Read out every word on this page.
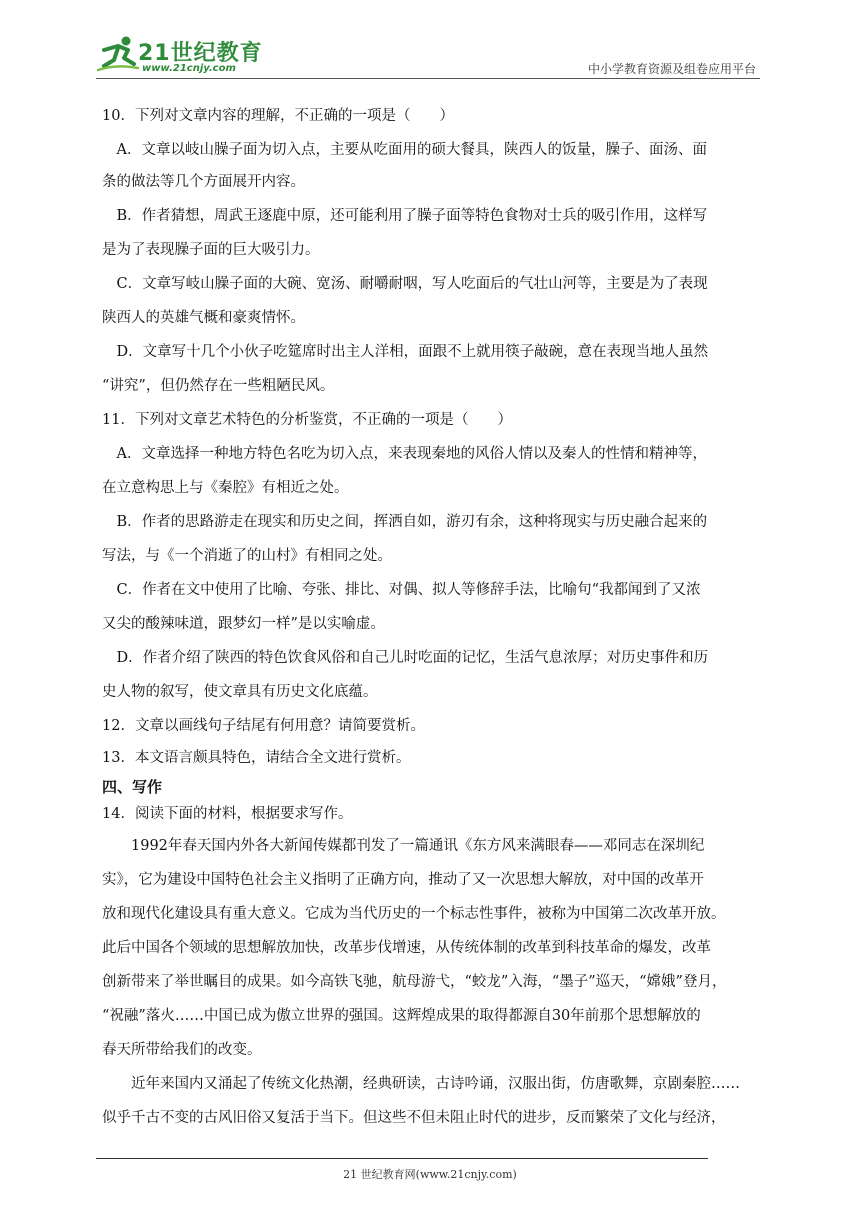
21世纪教育
www.21cnjy.com	中小学教育资源及组卷应用平台
10．下列对文章内容的理解，不正确的一项是（　　）
　A．文章以岐山臊子面为切入点，主要从吃面用的硕大餐具，陕西人的饭量，臊子、面汤、面
条的做法等几个方面展开内容。
　B．作者猜想，周武王逐鹿中原，还可能利用了臊子面等特色食物对士兵的吸引作用，这样写
是为了表现臊子面的巨大吸引力。
　C．文章写岐山臊子面的大碗、宽汤、耐嚼耐咽，写人吃面后的气壮山河等，主要是为了表现
陕西人的英雄气概和豪爽情怀。
　D．文章写十几个小伙子吃筵席时出主人洋相，面跟不上就用筷子敲碗，意在表现当地人虽然
“讲究”，但仍然存在一些粗陋民风。
11．下列对文章艺术特色的分析鉴赏，不正确的一项是（　　）
　A．文章选择一种地方特色名吃为切入点，来表现秦地的风俗人情以及秦人的性情和精神等，
在立意构思上与《秦腔》有相近之处。
　B．作者的思路游走在现实和历史之间，挥洒自如，游刃有余，这种将现实与历史融合起来的
写法，与《一个消逝了的山村》有相同之处。
　C．作者在文中使用了比喻、夸张、排比、对偶、拟人等修辞手法，比喻句“我都闻到了又浓
又尖的酸辣味道，跟梦幻一样”是以实喻虚。
　D．作者介绍了陕西的特色饮食风俗和自己儿时吃面的记忆，生活气息浓厚；对历史事件和历
史人物的叙写，使文章具有历史文化底蕴。
12．文章以画线句子结尾有何用意？请简要赏析。
13．本文语言颇具特色，请结合全文进行赏析。
四、写作
14．阅读下面的材料，根据要求写作。
　　1992年春天国内外各大新闻传媒都刊发了一篇通讯《东方风来满眼春——邓同志在深圳纪
实》，它为建设中国特色社会主义指明了正确方向，推动了又一次思想大解放，对中国的改革开
放和现代化建设具有重大意义。它成为当代历史的一个标志性事件，被称为中国第二次改革开放。
此后中国各个领域的思想解放加快，改革步伐增速，从传统体制的改革到科技革命的爆发，改革
创新带来了举世瞩目的成果。如今高铁飞驰，航母游弋，“蛟龙”入海，“墨子”巡天，“嫦娥”登月，
“祝融”落火……中国已成为傲立世界的强国。这辉煌成果的取得都源自30年前那个思想解放的
春天所带给我们的改变。
　　近年来国内又涌起了传统文化热潮，经典研读，古诗吟诵，汉服出街，仿唐歌舞，京剧秦腔……
似乎千古不变的古风旧俗又复活于当下。但这些不但未阻止时代的进步，反而繁荣了文化与经济，
21 世纪教育网(www.21cnjy.com)
